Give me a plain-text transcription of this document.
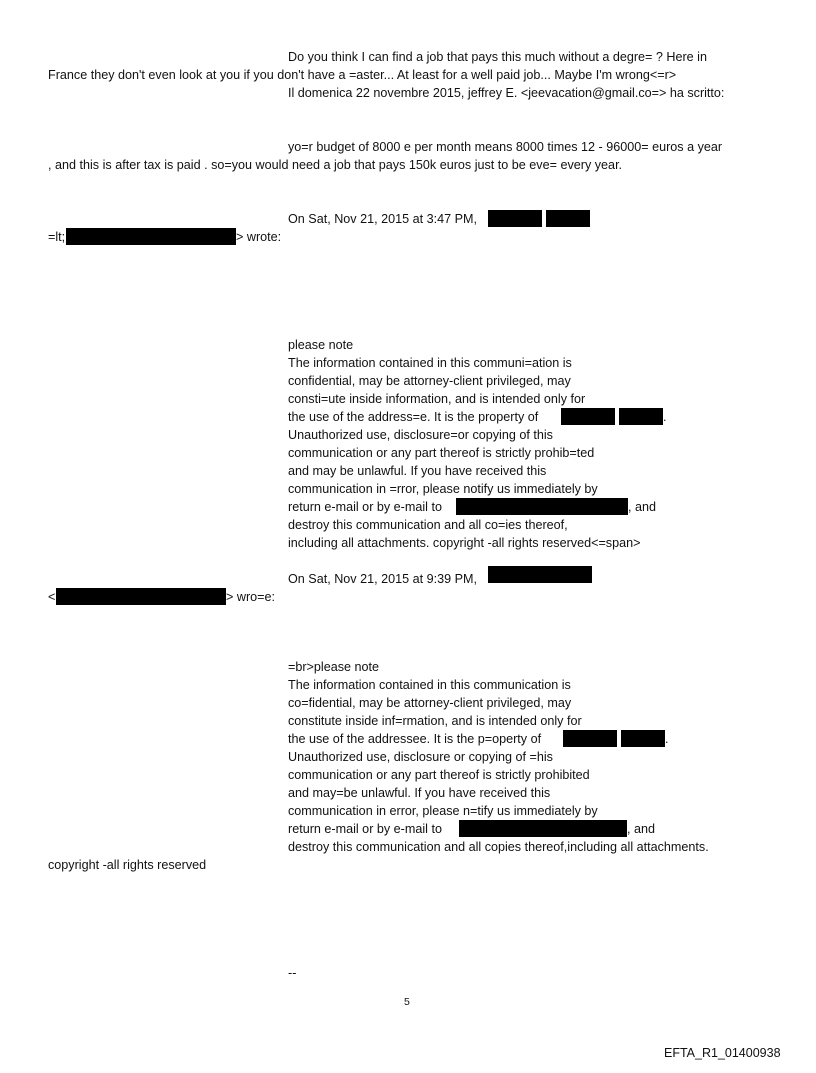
Do you think I can find a job that pays this much without a degre= ? Here in
France they don't even look at you if you don't have a =aster... At least for a well paid job... Maybe I'm wrong<=r>
Il domenica 22 novembre 2015, jeffrey E. <jeevacation@gmail.co=> ha scritto:
yo=r budget of 8000 e per month means 8000 times 12 - 96000= euros a year
, and this is after tax is paid . so=you would need a job that pays 150k euros just to be eve= every year.
On Sat, Nov 21, 2015 at 3:47 PM,
=lt;	> wrote:
please note
The information contained in this communi=ation is
confidential, may be attorney-client privileged, may
consti=ute inside information, and is intended only for
the use of the address=e. It is the property of	.
Unauthorized use, disclosure=or copying of this
communication or any part thereof is strictly prohib=ted
and may be unlawful. If you have received this
communication in =rror, please notify us immediately by
return e-mail or by e-mail to	, and
destroy this communication and all co=ies thereof,
including all attachments. copyright -all rights reserved<=span>
On Sat, Nov 21, 2015 at 9:39 PM,
<	> wro=e:
=br>please note
The information contained in this communication is
co=fidential, may be attorney-client privileged, may
constitute inside inf=rmation, and is intended only for
the use of the addressee. It is the p=operty of	.
Unauthorized use, disclosure or copying of =his
communication or any part thereof is strictly prohibited
and may=be unlawful. If you have received this
communication in error, please n=tify us immediately by
return e-mail or by e-mail to	, and
destroy this communication and all copies thereof,including all attachments.
copyright -all rights reserved
--
5
EFTA_R1_01400938
